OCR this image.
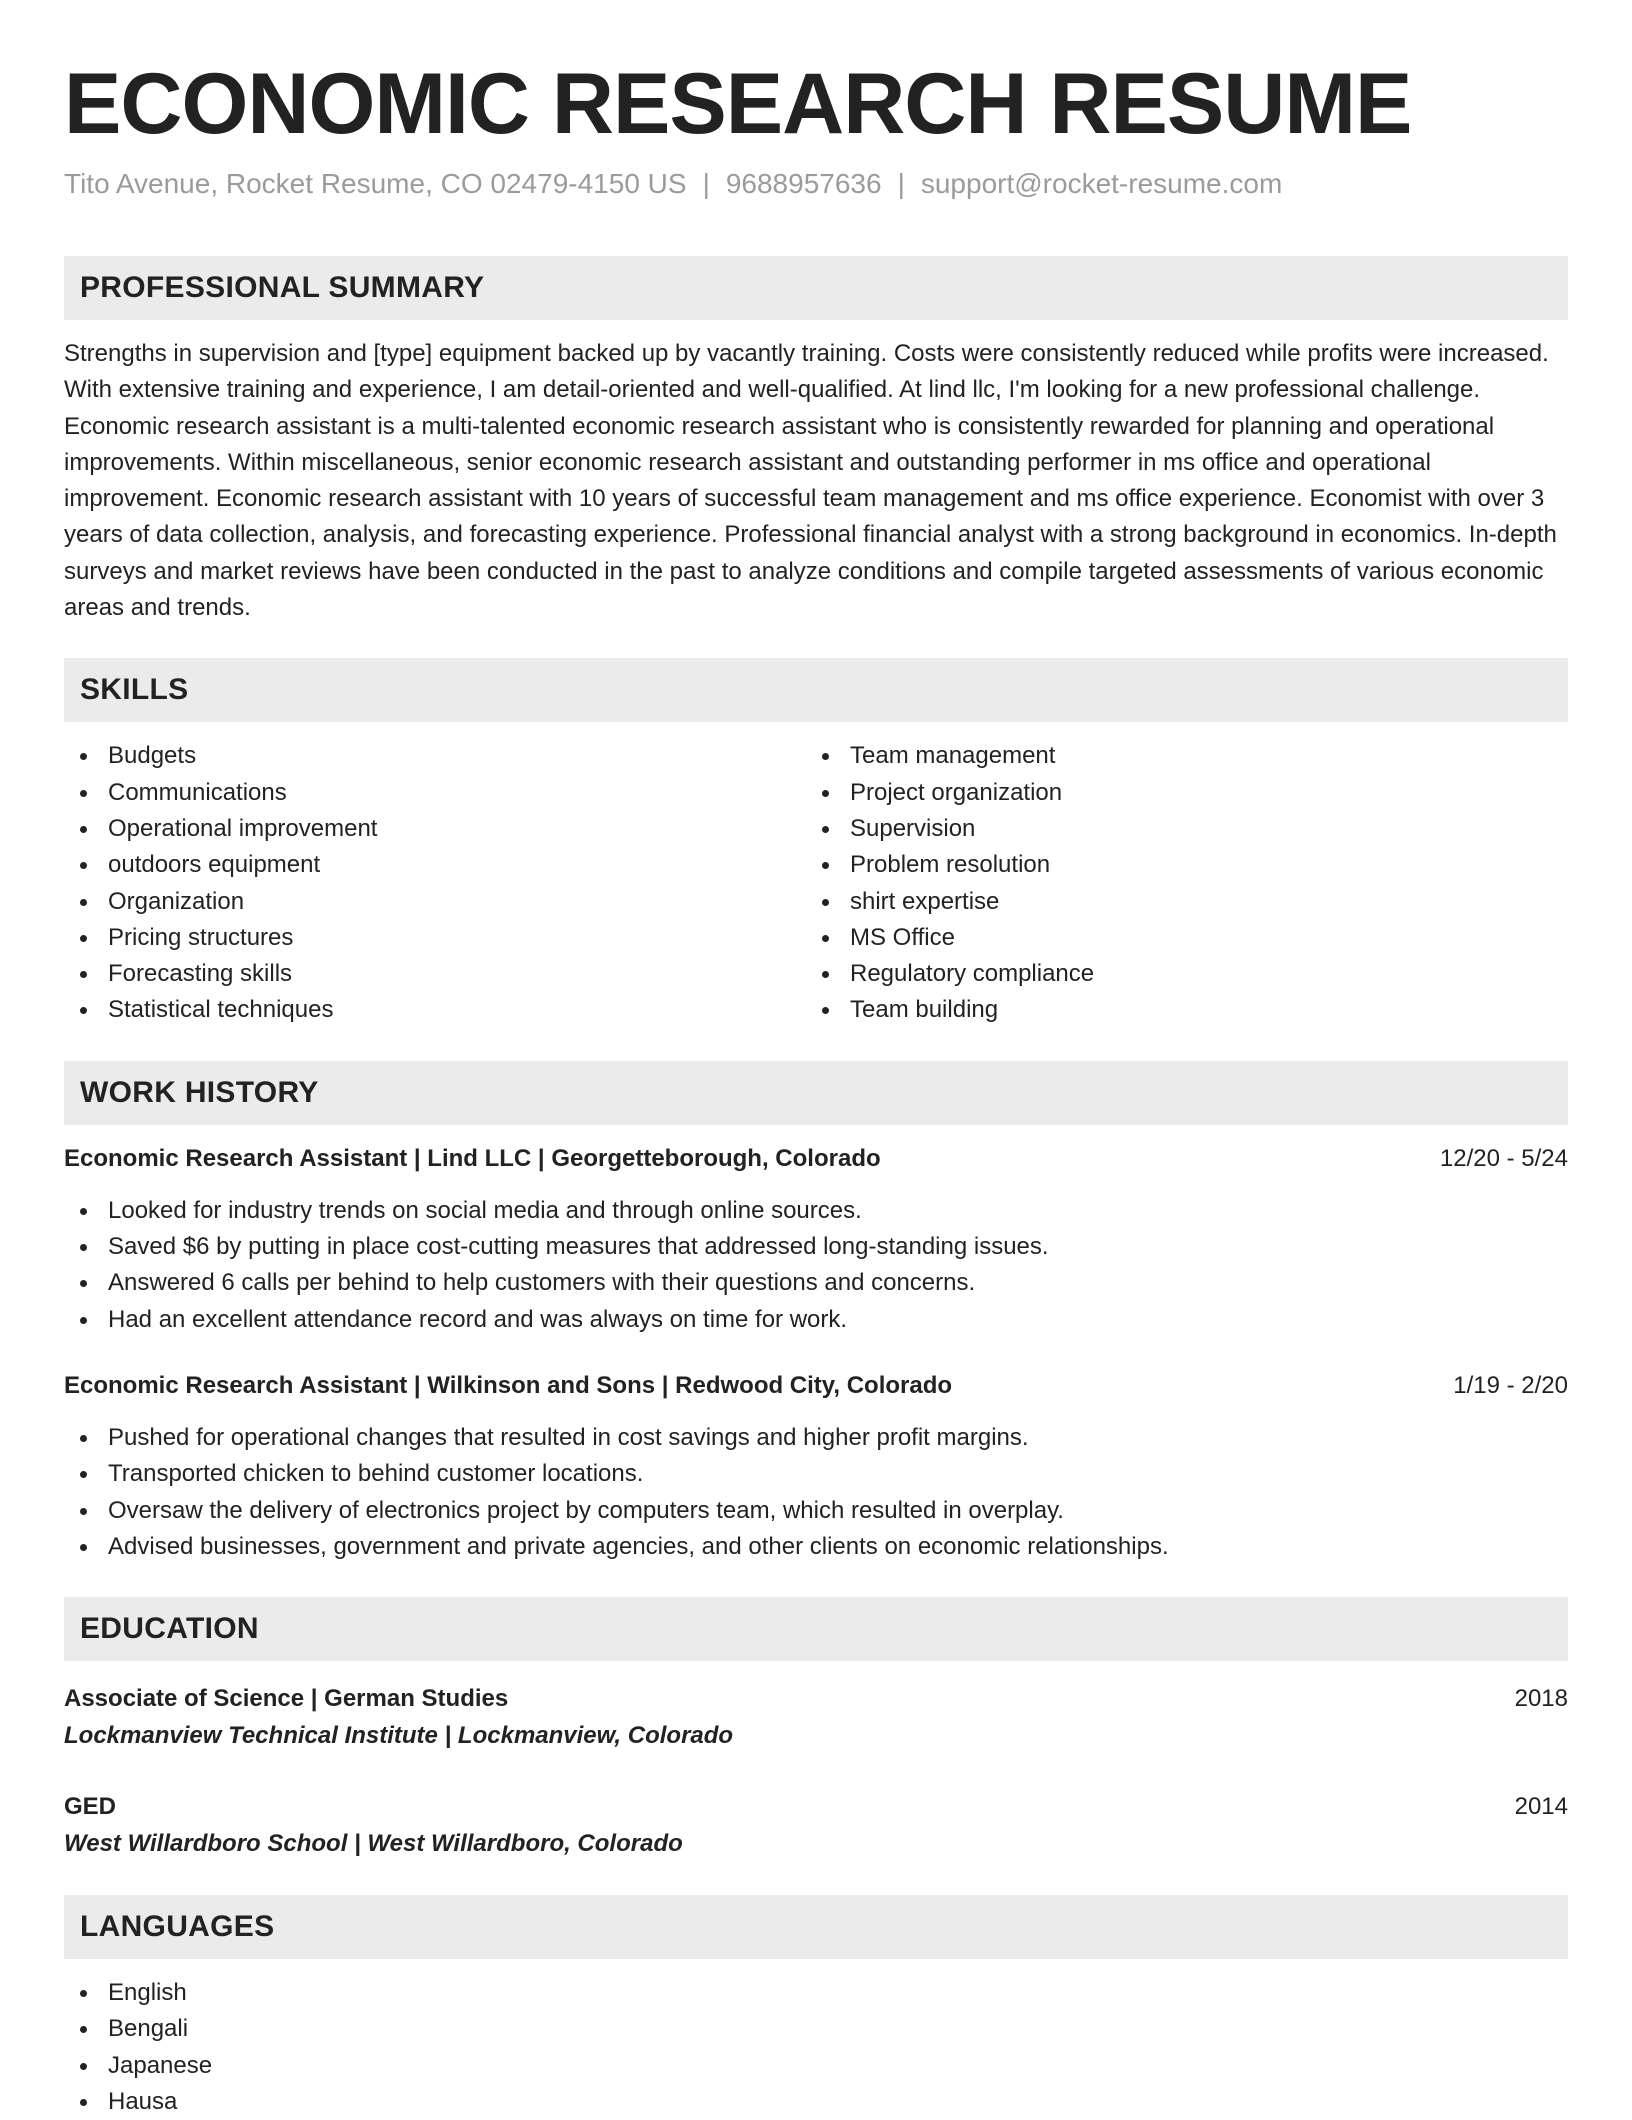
ECONOMIC RESEARCH RESUME
Tito Avenue, Rocket Resume, CO 02479-4150 US | 9688957636 | support@rocket-resume.com
PROFESSIONAL SUMMARY
Strengths in supervision and [type] equipment backed up by vacantly training. Costs were consistently reduced while profits were increased. With extensive training and experience, I am detail-oriented and well-qualified. At lind llc, I'm looking for a new professional challenge. Economic research assistant is a multi-talented economic research assistant who is consistently rewarded for planning and operational improvements. Within miscellaneous, senior economic research assistant and outstanding performer in ms office and operational improvement. Economic research assistant with 10 years of successful team management and ms office experience. Economist with over 3 years of data collection, analysis, and forecasting experience. Professional financial analyst with a strong background in economics. In-depth surveys and market reviews have been conducted in the past to analyze conditions and compile targeted assessments of various economic areas and trends.
SKILLS
Budgets
Communications
Operational improvement
outdoors equipment
Organization
Pricing structures
Forecasting skills
Statistical techniques
Team management
Project organization
Supervision
Problem resolution
shirt expertise
MS Office
Regulatory compliance
Team building
WORK HISTORY
Economic Research Assistant | Lind LLC | Georgetteborough, Colorado	12/20 - 5/24
Looked for industry trends on social media and through online sources.
Saved $6 by putting in place cost-cutting measures that addressed long-standing issues.
Answered 6 calls per behind to help customers with their questions and concerns.
Had an excellent attendance record and was always on time for work.
Economic Research Assistant | Wilkinson and Sons | Redwood City, Colorado	1/19 - 2/20
Pushed for operational changes that resulted in cost savings and higher profit margins.
Transported chicken to behind customer locations.
Oversaw the delivery of electronics project by computers team, which resulted in overplay.
Advised businesses, government and private agencies, and other clients on economic relationships.
EDUCATION
Associate of Science | German Studies	2018
Lockmanview Technical Institute | Lockmanview, Colorado
GED	2014
West Willardboro School | West Willardboro, Colorado
LANGUAGES
English
Bengali
Japanese
Hausa
